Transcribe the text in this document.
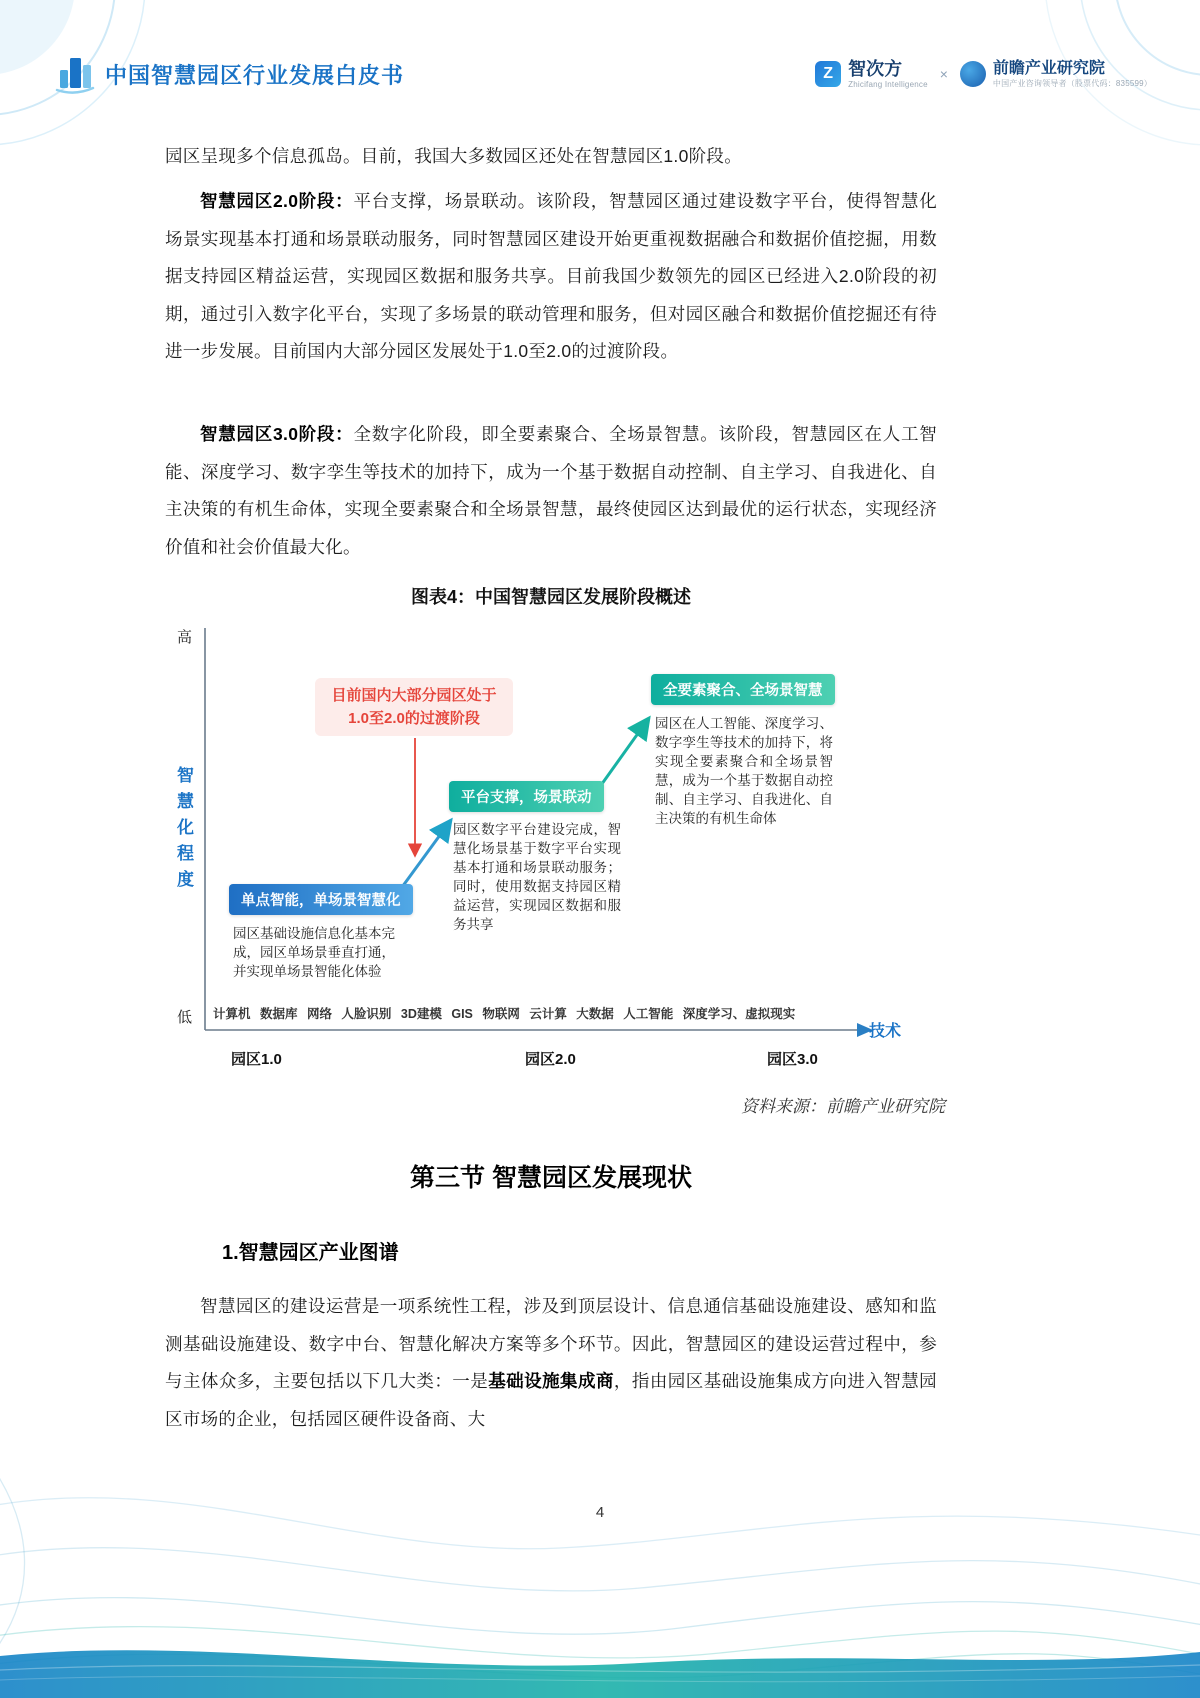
中国智慧园区行业发展白皮书	Z 智次方
Zhicifang Intelligence
×	前瞻产业研究院
中国产业咨询领导者（股票代码：835599）
园区呈现多个信息孤岛。目前，我国大多数园区还处在智慧园区1.0阶段。
智慧园区2.0阶段：平台支撑，场景联动。该阶段，智慧园区通过建设数字平台，使得智慧化场景实现基本打通和场景联动服务，同时智慧园区建设开始更重视数据融合和数据价值挖掘，用数据支持园区精益运营，实现园区数据和服务共享。目前我国少数领先的园区已经进入2.0阶段的初期，通过引入数字化平台，实现了多场景的联动管理和服务，但对园区融合和数据价值挖掘还有待进一步发展。目前国内大部分园区发展处于1.0至2.0的过渡阶段。
智慧园区3.0阶段：全数字化阶段，即全要素聚合、全场景智慧。该阶段，智慧园区在人工智能、深度学习、数字孪生等技术的加持下，成为一个基于数据自动控制、自主学习、自我进化、自主决策的有机生命体，实现全要素聚合和全场景智慧，最终使园区达到最优的运行状态，实现经济价值和社会价值最大化。
图表4：中国智慧园区发展阶段概述
高
低
智慧化程度
技术
目前国内大部分园区处于1.0至2.0的过渡阶段
单点智能，单场景智慧化
园区基础设施信息化基本完成，园区单场景垂直打通，并实现单场景智能化体验
平台支撑，场景联动
园区数字平台建设完成，智慧化场景基于数字平台实现基本打通和场景联动服务；同时，使用数据支持园区精益运营，实现园区数据和服务共享
全要素聚合、全场景智慧
园区在人工智能、深度学习、数字孪生等技术的加持下，将实现全要素聚合和全场景智慧，成为一个基于数据自动控制、自主学习、自我进化、自主决策的有机生命体
计算机 数据库 网络 人脸识别 3D建模 GIS 物联网 云计算 大数据 人工智能 深度学习、虚拟现实
园区1.0	园区2.0	园区3.0
资料来源：前瞻产业研究院
第三节 智慧园区发展现状
1.智慧园区产业图谱
智慧园区的建设运营是一项系统性工程，涉及到顶层设计、信息通信基础设施建设、感知和监测基础设施建设、数字中台、智慧化解决方案等多个环节。因此，智慧园区的建设运营过程中，参与主体众多，主要包括以下几大类：一是基础设施集成商，指由园区基础设施集成方向进入智慧园区市场的企业，包括园区硬件设备商、大
4
